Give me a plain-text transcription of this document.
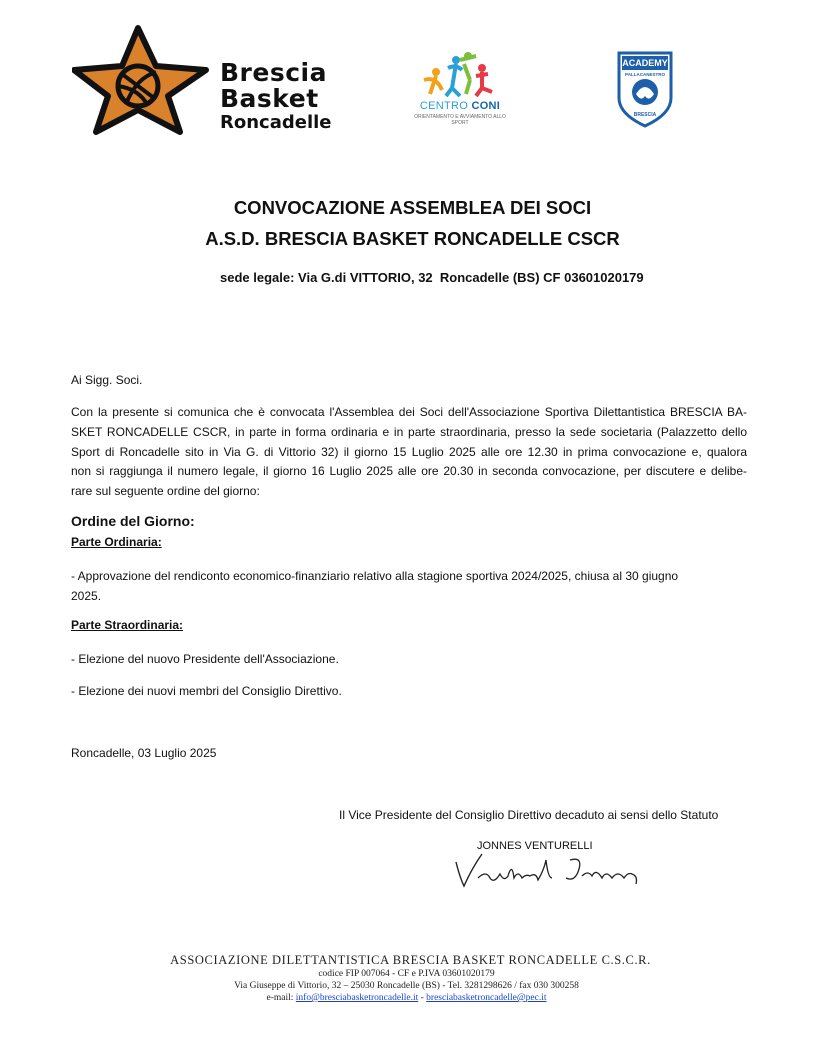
Brescia
Basket
Roncadelle
CENTRO CONI
ORIENTAMENTO E AVVIAMENTO ALLO SPORT
ACADEMY
PALLACANESTRO
BRESCIA
CONVOCAZIONE ASSEMBLEA DEI SOCI
A.S.D. BRESCIA BASKET RONCADELLE CSCR
sede legale: Via G.di VITTORIO, 32  Roncadelle (BS) CF 03601020179
Ai Sigg. Soci.
Con la presente si comunica che è convocata l'Assemblea dei Soci dell'Associazione Sportiva Dilettantistica BRESCIA BA-
SKET RONCADELLE CSCR, in parte in forma ordinaria e in parte straordinaria, presso la sede societaria (Palazzetto dello
Sport di Roncadelle sito in Via G. di Vittorio 32) il giorno 15 Luglio 2025 alle ore 12.30 in prima convocazione e, qualora
non si raggiunga il numero legale, il giorno 16 Luglio 2025 alle ore 20.30 in seconda convocazione, per discutere e delibe-
rare sul seguente ordine del giorno:
Ordine del Giorno:
Parte Ordinaria:
- Approvazione del rendiconto economico-finanziario relativo alla stagione sportiva 2024/2025, chiusa al 30 giugno
2025.
Parte Straordinaria:
- Elezione del nuovo Presidente dell'Associazione.
- Elezione dei nuovi membri del Consiglio Direttivo.
Roncadelle, 03 Luglio 2025
Il Vice Presidente del Consiglio Direttivo decaduto ai sensi dello Statuto
JONNES VENTURELLI
ASSOCIAZIONE DILETTANTISTICA BRESCIA BASKET RONCADELLE C.S.C.R.
codice FIP 007064 - CF e P.IVA 03601020179
Via Giuseppe di Vittorio, 32 – 25030 Roncadelle (BS) - Tel. 3281298626 / fax 030 300258
e-mail: info@bresciabasketroncadelle.it - bresciabasketroncadelle@pec.it
